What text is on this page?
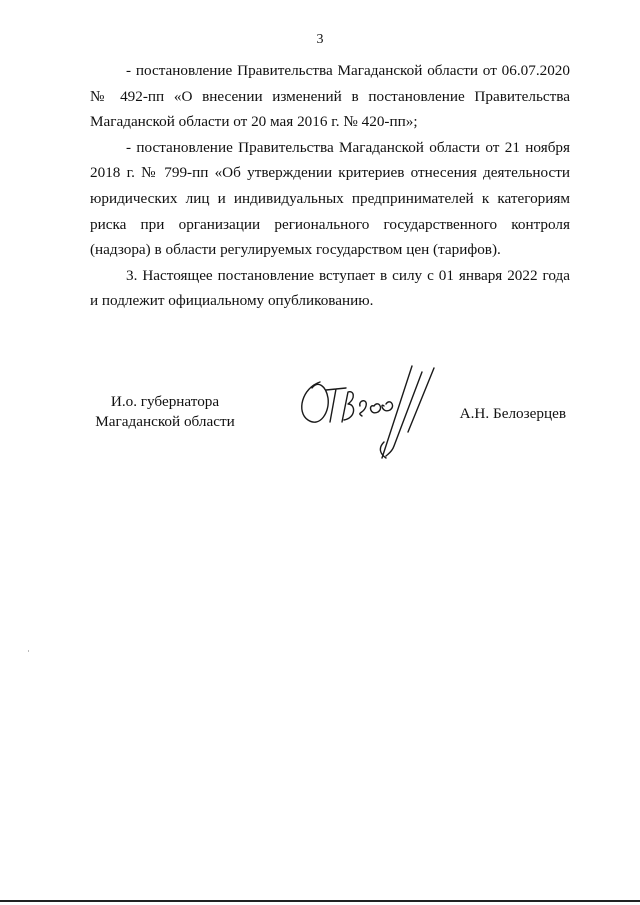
3

- постановление Правительства Магаданской области от 06.07.2020 № 492-пп «О внесении изменений в постановление Правительства Магаданской области от 20 мая 2016 г. № 420-пп»;

- постановление Правительства Магаданской области от 21 ноября 2018 г. № 799-пп «Об утверждении критериев отнесения деятельности юридических лиц и индивидуальных предпринимателей к категориям риска при организации регионального государственного контроля (надзора) в области регулируемых государством цен (тарифов).

3. Настоящее постановление вступает в силу с 01 января 2022 года и подлежит официальному опубликованию.

И.о. губернатора
Магаданской области	А.Н. Белозерцев
